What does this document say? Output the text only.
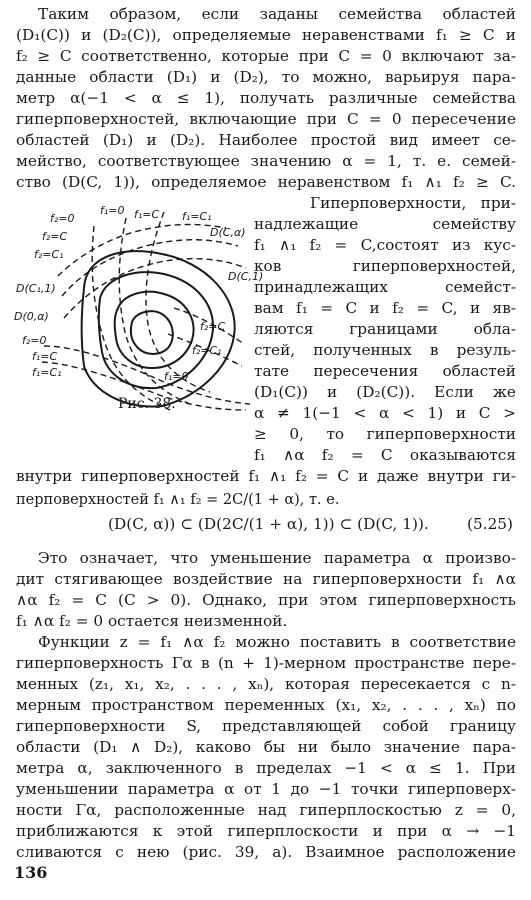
Таким образом, если заданы семейства областей
(D₁(C)) и (D₂(C)), определяемые неравенствами f₁ ≥ C и
f₂ ≥ C соответственно, которые при C = 0 включают за-
данные области (D₁) и (D₂), то можно, варьируя пара-
метр α(−1 < α ≤ 1), получать различные семейства
гиперповерхностей, включающие при C = 0 пересечение
областей (D₁) и (D₂). Наиболее простой вид имеет се-
мейство, соответствующее значению α = 1, т. е. семей-
ство (D(C, 1)), определяемое неравенством f₁ ∧₁ f₂ ≥ C.
f₂=0
f₁=0
f₂=C
f₁=C f₁=C₁
f₂=C₁
D(C,α)
D(C,1)
D(C₁,1)
D(0,α)
f₂=C
f₂=C₁
f₂=0
f₁=C
f₁=C₁	f₁=0
Рис. 38.
Гиперповерхности, при-
надлежащие семейству
f₁ ∧₁ f₂ = C,состоят из кус-
ков гиперповерхностей,
принадлежащих семейст-
вам f₁ = C и f₂ = C, и яв-
ляются границами обла-
стей, полученных в резуль-
тате пересечения областей
(D₁(C)) и (D₂(C)). Если же
α ≠ 1(−1 < α < 1) и C >
≥ 0, то гиперповерхности
f₁ ∧α f₂ = C оказываются
внутри гиперповерхностей f₁ ∧₁ f₂ = C и даже внутри ги-
перповерхностей f₁ ∧₁ f₂ = 2C/(1 + α), т. е.
(D(C, α)) ⊂ (D(2C/(1 + α), 1)) ⊂ (D(C, 1)). (5.25)
Это означает, что уменьшение параметра α произво-
дит стягивающее воздействие на гиперповерхности f₁ ∧α
∧α f₂ = C (C > 0). Однако, при этом гиперповерхность
f₁ ∧α f₂ = 0 остается неизменной.
Функции z = f₁ ∧α f₂ можно поставить в соответствие
гиперповерхность Γα в (n + 1)-мерном пространстве пере-
менных (z₁, x₁, x₂, . . . , xₙ), которая пересекается с n-
мерным пространством переменных (x₁, x₂, . . . , xₙ) по
гиперповерхности S, представляющей собой границу
области (D₁ ∧ D₂), каково бы ни было значение пара-
метра α, заключенного в пределах −1 < α ≤ 1. При
уменьшении параметра α от 1 до −1 точки гиперповерх-
ности Γα, расположенные над гиперплоскостью z = 0,
приближаются к этой гиперплоскости и при α → −1
сливаются с нею (рис. 39, а). Взаимное расположение
136
